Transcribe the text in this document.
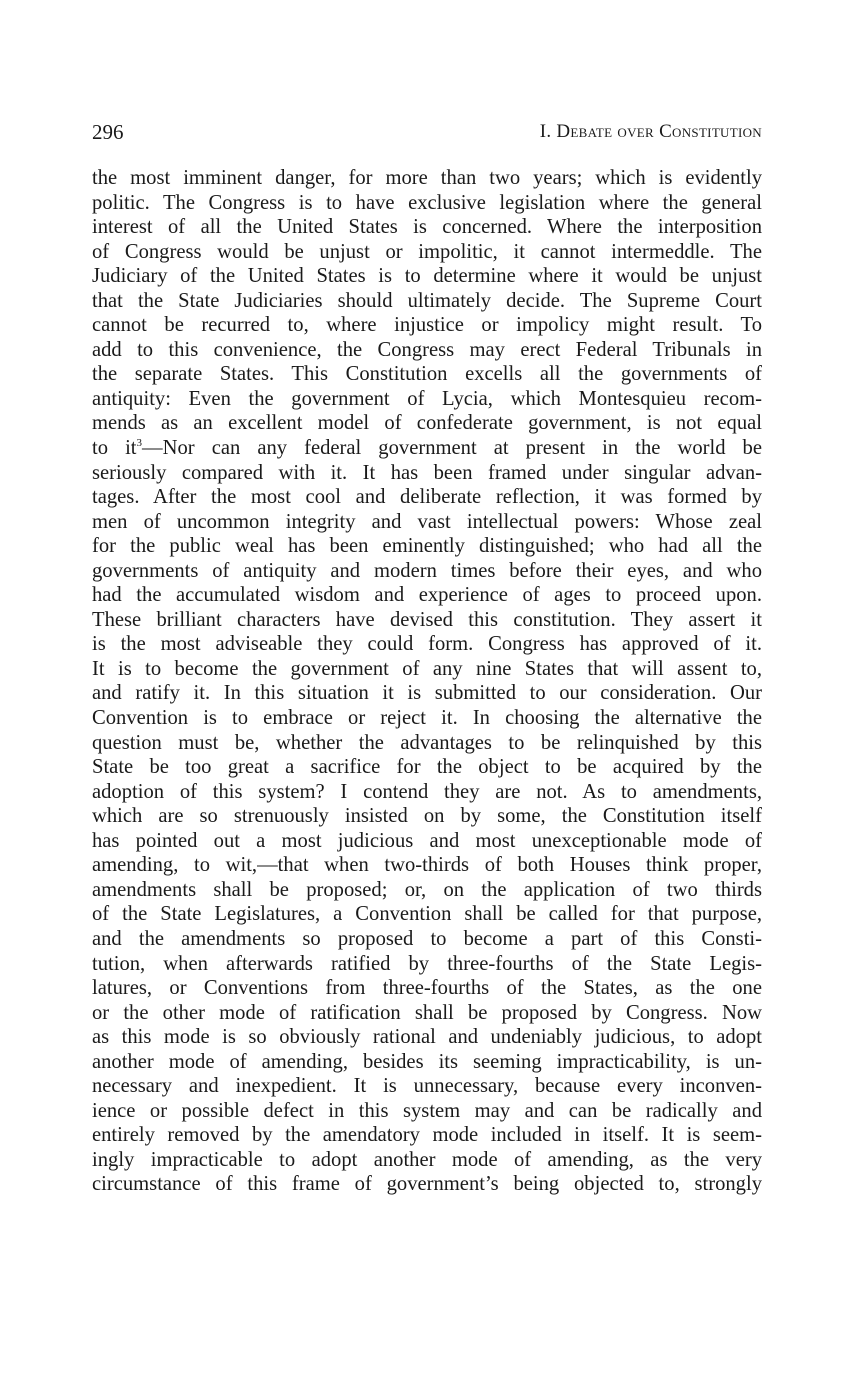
296	I. Debate over Constitution
the most imminent danger, for more than two years; which is evidently
politic. The Congress is to have exclusive legislation where the general
interest of all the United States is concerned. Where the interposition
of Congress would be unjust or impolitic, it cannot intermeddle. The
Judiciary of the United States is to determine where it would be unjust
that the State Judiciaries should ultimately decide. The Supreme Court
cannot be recurred to, where injustice or impolicy might result. To
add to this convenience, the Congress may erect Federal Tribunals in
the separate States. This Constitution excells all the governments of
antiquity: Even the government of Lycia, which Montesquieu recom-
mends as an excellent model of confederate government, is not equal
to $it^3—Nor$ can any federal government at present in the world be
seriously compared with it. It has been framed under singular advan-
tages. After the most cool and deliberate reflection, it was formed by
men of uncommon integrity and vast intellectual powers: Whose zeal
for the public weal has been eminently distinguished; who had all the
governments of antiquity and modern times before their eyes, and who
had the accumulated wisdom and experience of ages to proceed upon.
These brilliant characters have devised this constitution. They assert it
is the most adviseable they could form. Congress has approved of it.
It is to become the government of any nine States that will assent to,
and ratify it. In this situation it is submitted to our consideration. Our
Convention is to embrace or reject it. In choosing the alternative the
question must be, whether the advantages to be relinquished by this
State be too great a sacrifice for the object to be acquired by the
adoption of this system? I contend they are not. As to amendments,
which are so strenuously insisted on by some, the Constitution itself
has pointed out a most judicious and most unexceptionable mode of
amending, to wit,—that when two-thirds of both Houses think proper,
amendments shall be proposed; or, on the application of two thirds
of the State Legislatures, a Convention shall be called for that purpose,
and the amendments so proposed to become a part of this Consti-
tution, when afterwards ratified by three-fourths of the State Legis-
latures, or Conventions from three-fourths of the States, as the one
or the other mode of ratification shall be proposed by Congress. Now
as this mode is so obviously rational and undeniably judicious, to adopt
another mode of amending, besides its seeming impracticability, is un-
necessary and inexpedient. It is unnecessary, because every inconven-
ience or possible defect in this system may and can be radically and
entirely removed by the amendatory mode included in itself. It is seem-
ingly impracticable to adopt another mode of amending, as the very
circumstance of this frame of government’s being objected to, strongly
